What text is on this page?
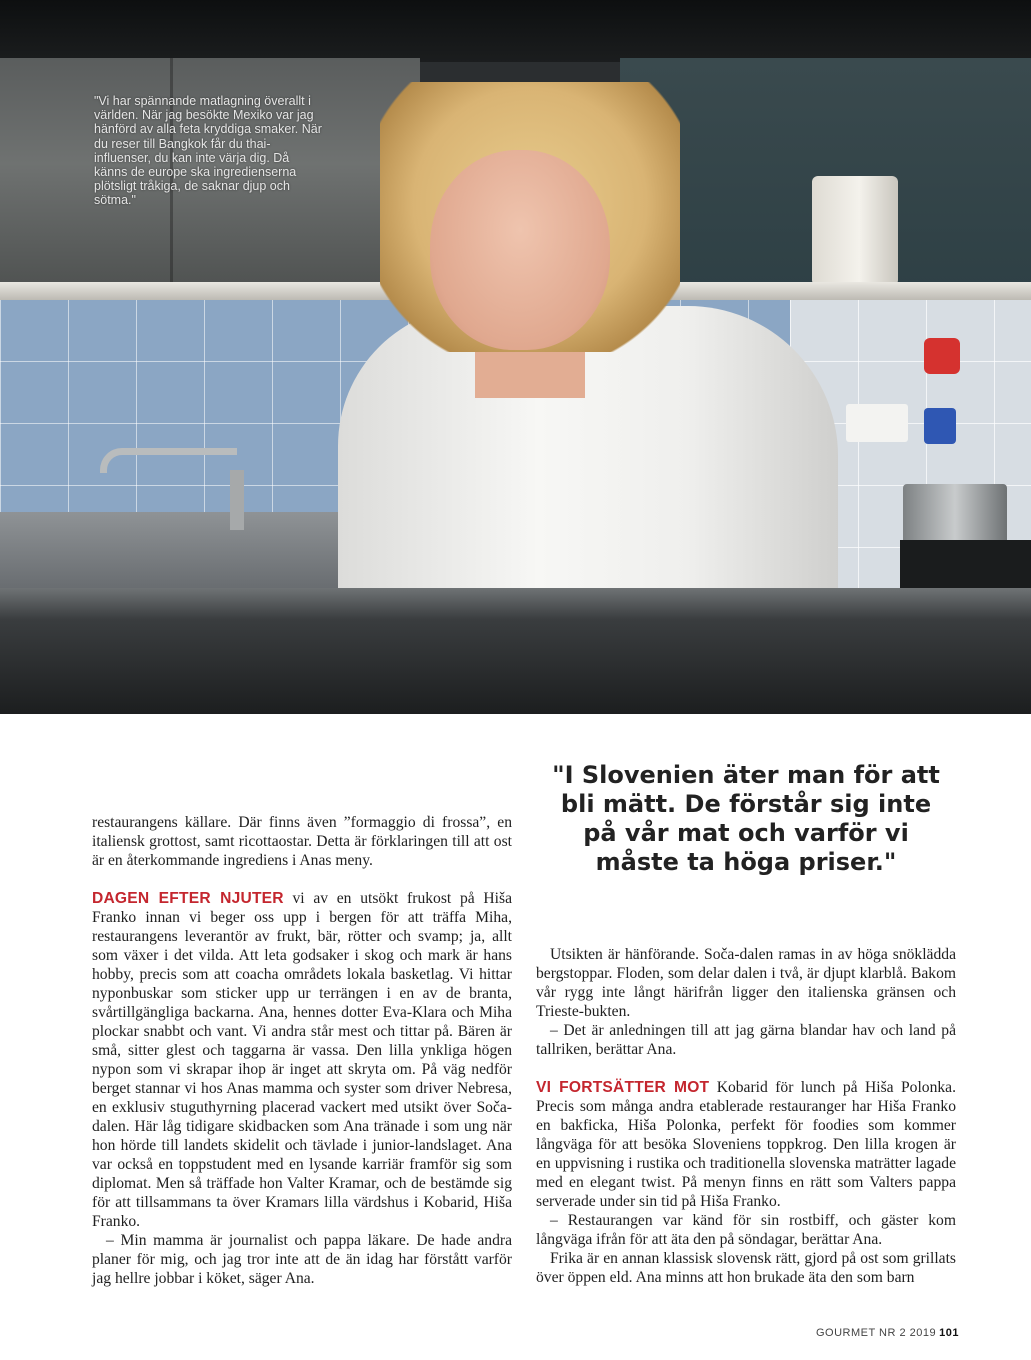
"Vi har spännande matlagning överallt i världen. När jag besökte Mexiko var jag hänförd av alla feta kryddiga smaker. När du reser till Bangkok får du thai-influenser, du kan inte värja dig. Då känns de europe ska ingredienserna plötsligt tråkiga, de saknar djup och sötma."
"I Slovenien äter man för att bli mätt. De förstår sig inte på vår mat och varför vi måste ta höga priser."

restaurangens källare. Där finns även ”formaggio di frossa”, en italiensk grottost, samt ricottaostar. Detta är förklaringen till att ost är en återkommande ingrediens i Anas meny.

DAGEN EFTER NJUTER vi av en utsökt frukost på Hiša Franko innan vi beger oss upp i bergen för att träffa Miha, restaurangens leverantör av frukt, bär, rötter och svamp; ja, allt som växer i det vilda. Att leta godsaker i skog och mark är hans hobby, precis som att coacha områdets lokala basketlag. Vi hittar nyponbuskar som sticker upp ur terrängen i en av de branta, svårtillgängliga backarna. Ana, hennes dotter Eva-Klara och Miha plockar snabbt och vant. Vi andra står mest och tittar på. Bären är små, sitter glest och taggarna är vassa. Den lilla ynkliga högen nypon som vi skrapar ihop är inget att skryta om. På väg nedför berget stannar vi hos Anas mamma och syster som driver Nebresa, en exklusiv stuguthyrning placerad vackert med utsikt över Soča-dalen. Här låg tidigare skidbacken som Ana tränade i som ung när hon hörde till landets skidelit och tävlade i junior-landslaget. Ana var också en toppstudent med en lysande karriär framför sig som diplomat. Men så träffade hon Valter Kramar, och de bestämde sig för att tillsammans ta över Kramars lilla värdshus i Kobarid, Hiša Franko.

– Min mamma är journalist och pappa läkare. De hade andra planer för mig, och jag tror inte att de än idag har förstått varför jag hellre jobbar i köket, säger Ana.

Utsikten är hänförande. Soča-dalen ramas in av höga snöklädda bergstoppar. Floden, som delar dalen i två, är djupt klarblå. Bakom vår rygg inte långt härifrån ligger den italienska gränsen och Trieste-bukten.

– Det är anledningen till att jag gärna blandar hav och land på tallriken, berättar Ana.

VI FORTSÄTTER MOT Kobarid för lunch på Hiša Polonka. Precis som många andra etablerade restauranger har Hiša Franko en bakficka, Hiša Polonka, perfekt för foodies som kommer långväga för att besöka Sloveniens toppkrog. Den lilla krogen är en uppvisning i rustika och traditionella slovenska maträtter lagade med en elegant twist. På menyn finns en rätt som Valters pappa serverade under sin tid på Hiša Franko.

– Restaurangen var känd för sin rostbiff, och gäster kom långväga ifrån för att äta den på söndagar, berättar Ana.

Frika är en annan klassisk slovensk rätt, gjord på ost som grillats över öppen eld. Ana minns att hon brukade äta den som barn

GOURMET NR 2 2019 101
